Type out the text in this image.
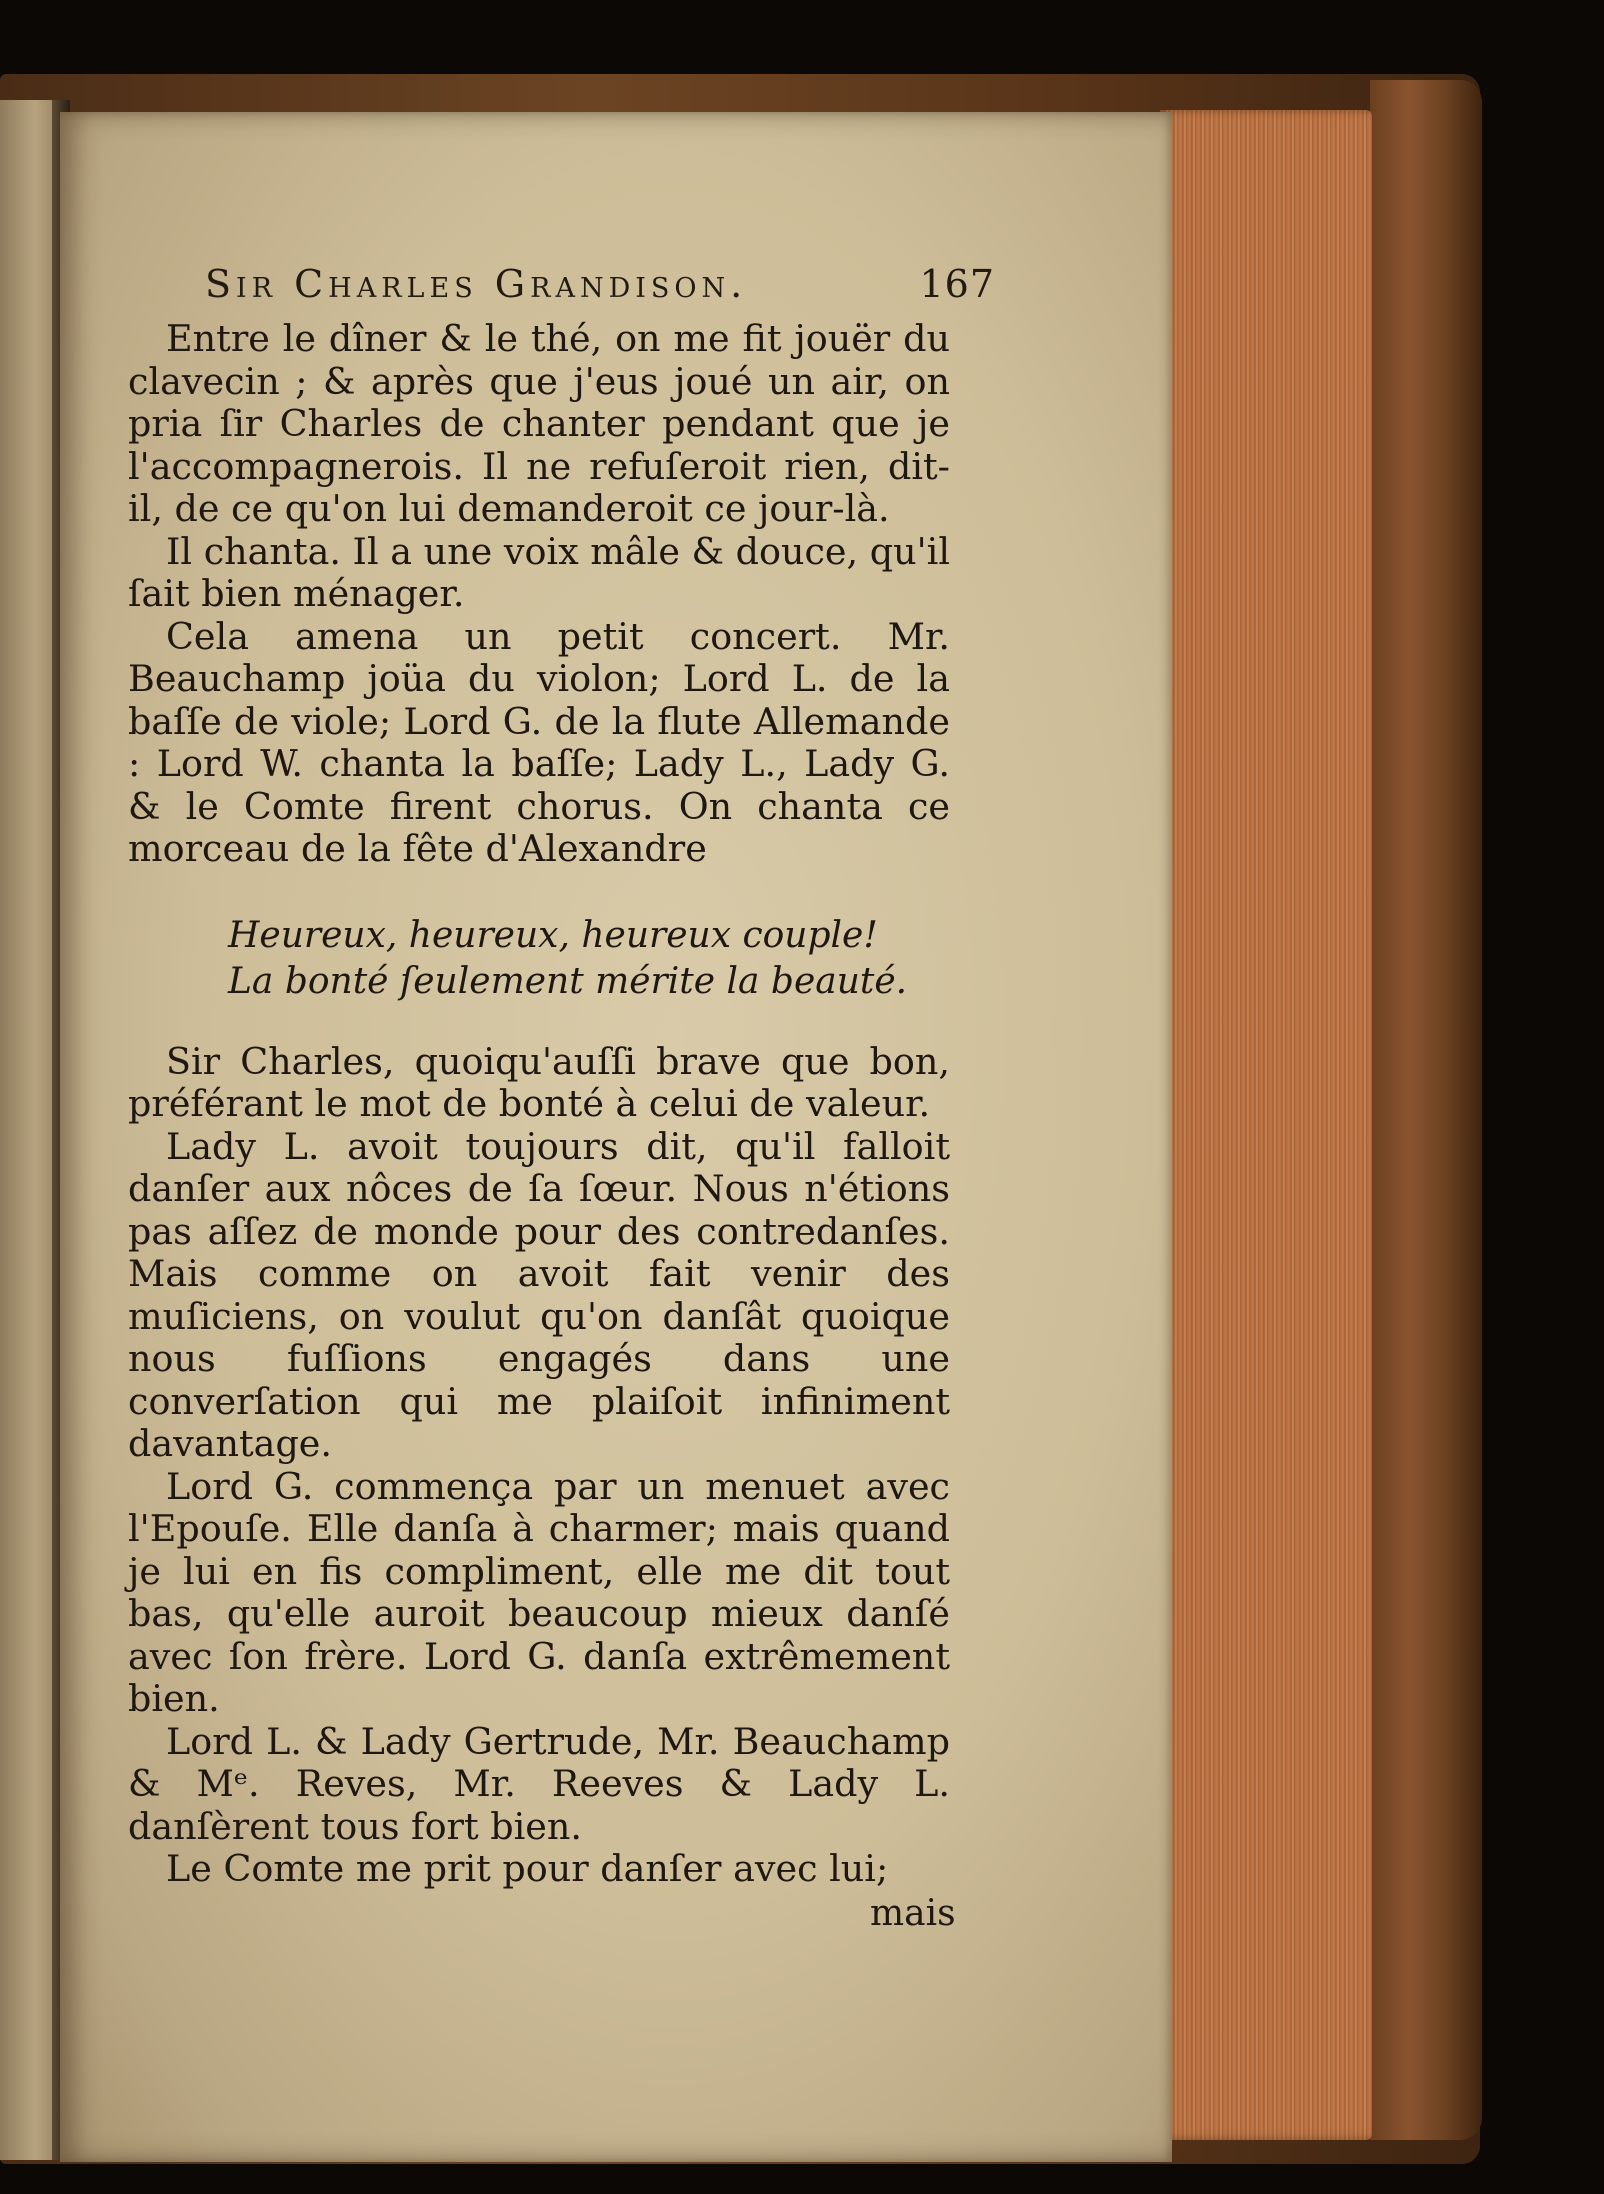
Sir Charles Grandison.	167

Entre le dîner & le thé, on me fit jouër du clavecin ; & après que j'eus joué un air, on pria ſir Charles de chanter pendant que je l'accompagnerois. Il ne refuſeroit rien, dit-il, de ce qu'on lui demanderoit ce jour-là.

Il chanta. Il a une voix mâle & douce, qu'il ſait bien ménager.

Cela amena un petit concert. Mr. Beauchamp joüa du violon; Lord L. de la baſſe de viole; Lord G. de la flute Allemande : Lord W. chanta la baſſe; Lady L., Lady G. & le Comte firent chorus. On chanta ce morceau de la fête d'Alexandre

Heureux, heureux, heureux couple!
La bonté ſeulement mérite la beauté.

Sir Charles, quoiqu'auſſi brave que bon, préférant le mot de bonté à celui de valeur.

Lady L. avoit toujours dit, qu'il falloit danſer aux nôces de ſa ſœur. Nous n'étions pas aſſez de monde pour des contredanſes. Mais comme on avoit fait venir des muſiciens, on voulut qu'on danſât quoique nous fuſſions engagés dans une converſation qui me plaiſoit infiniment davantage.

Lord G. commença par un menuet avec l'Epouſe. Elle danſa à charmer; mais quand je lui en fis compliment, elle me dit tout bas, qu'elle auroit beaucoup mieux danſé avec ſon frère. Lord G. danſa extrêmement bien.

Lord L. & Lady Gertrude, Mr. Beauchamp & Mᵉ. Reves, Mr. Reeves & Lady L. danſèrent tous fort bien.

Le Comte me prit pour danſer avec lui;

mais
